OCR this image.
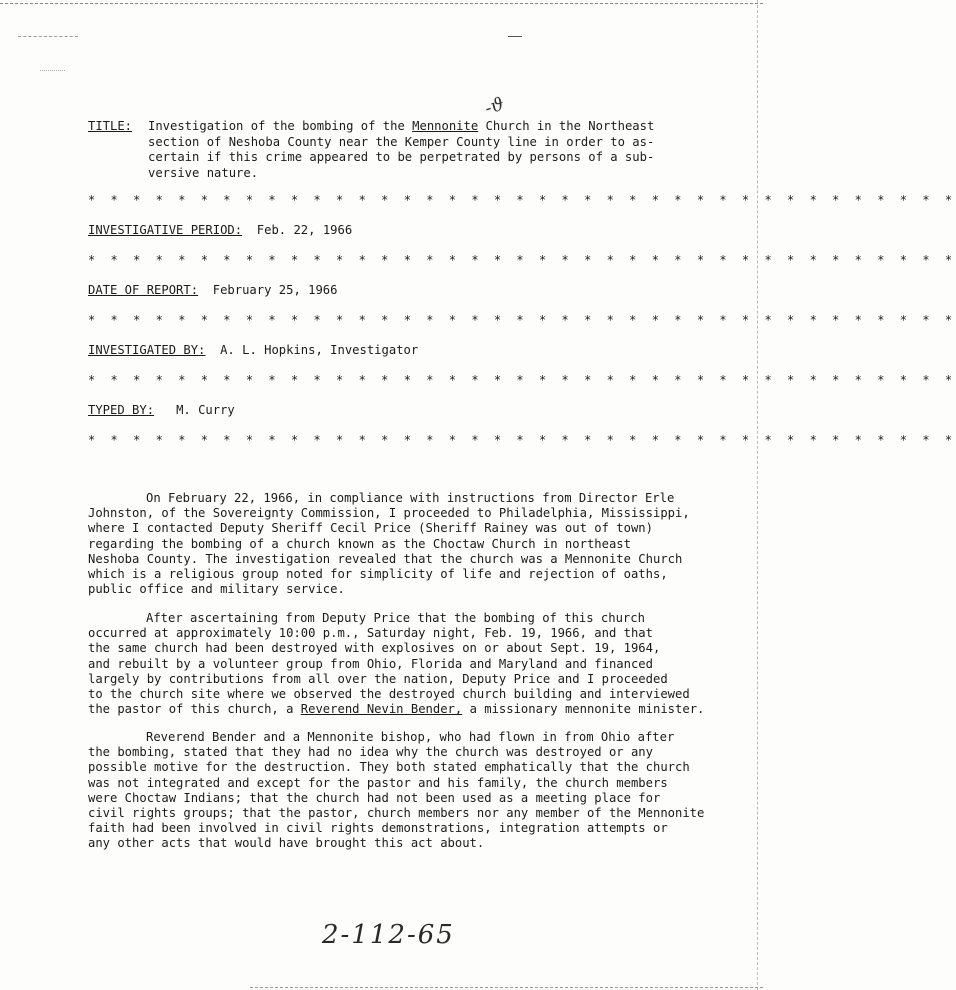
-ϑ
TITLE:	Investigation of the bombing of the Mennonite Church in the Northeast
section of Neshoba County near the Kemper County line in order to as-
certain if this crime appeared to be perpetrated by persons of a sub-
versive nature.
* * * * * * * * * * * * * * * * * * * * * * * * * * * * * * * * * * * * * * *
INVESTIGATIVE PERIOD: Feb. 22, 1966
* * * * * * * * * * * * * * * * * * * * * * * * * * * * * * * * * * * * * * *
DATE OF REPORT: February 25, 1966
* * * * * * * * * * * * * * * * * * * * * * * * * * * * * * * * * * * * * * *
INVESTIGATED BY: A. L. Hopkins, Investigator
* * * * * * * * * * * * * * * * * * * * * * * * * * * * * * * * * * * * * * *
TYPED BY: M. Curry
* * * * * * * * * * * * * * * * * * * * * * * * * * * * * * * * * * * * * * *
On February 22, 1966, in compliance with instructions from Director Erle
Johnston, of the Sovereignty Commission, I proceeded to Philadelphia, Mississippi,
where I contacted Deputy Sheriff Cecil Price (Sheriff Rainey was out of town)
regarding the bombing of a church known as the Choctaw Church in northeast
Neshoba County. The investigation revealed that the church was a Mennonite Church
which is a religious group noted for simplicity of life and rejection of oaths,
public office and military service.
After ascertaining from Deputy Price that the bombing of this church
occurred at approximately 10:00 p.m., Saturday night, Feb. 19, 1966, and that
the same church had been destroyed with explosives on or about Sept. 19, 1964,
and rebuilt by a volunteer group from Ohio, Florida and Maryland and financed
largely by contributions from all over the nation, Deputy Price and I proceeded
to the church site where we observed the destroyed church building and interviewed
the pastor of this church, a Reverend Nevin Bender, a missionary mennonite minister.
Reverend Bender and a Mennonite bishop, who had flown in from Ohio after
the bombing, stated that they had no idea why the church was destroyed or any
possible motive for the destruction. They both stated emphatically that the church
was not integrated and except for the pastor and his family, the church members
were Choctaw Indians; that the church had not been used as a meeting place for
civil rights groups; that the pastor, church members nor any member of the Mennonite
faith had been involved in civil rights demonstrations, integration attempts or
any other acts that would have brought this act about.
2-112-65
